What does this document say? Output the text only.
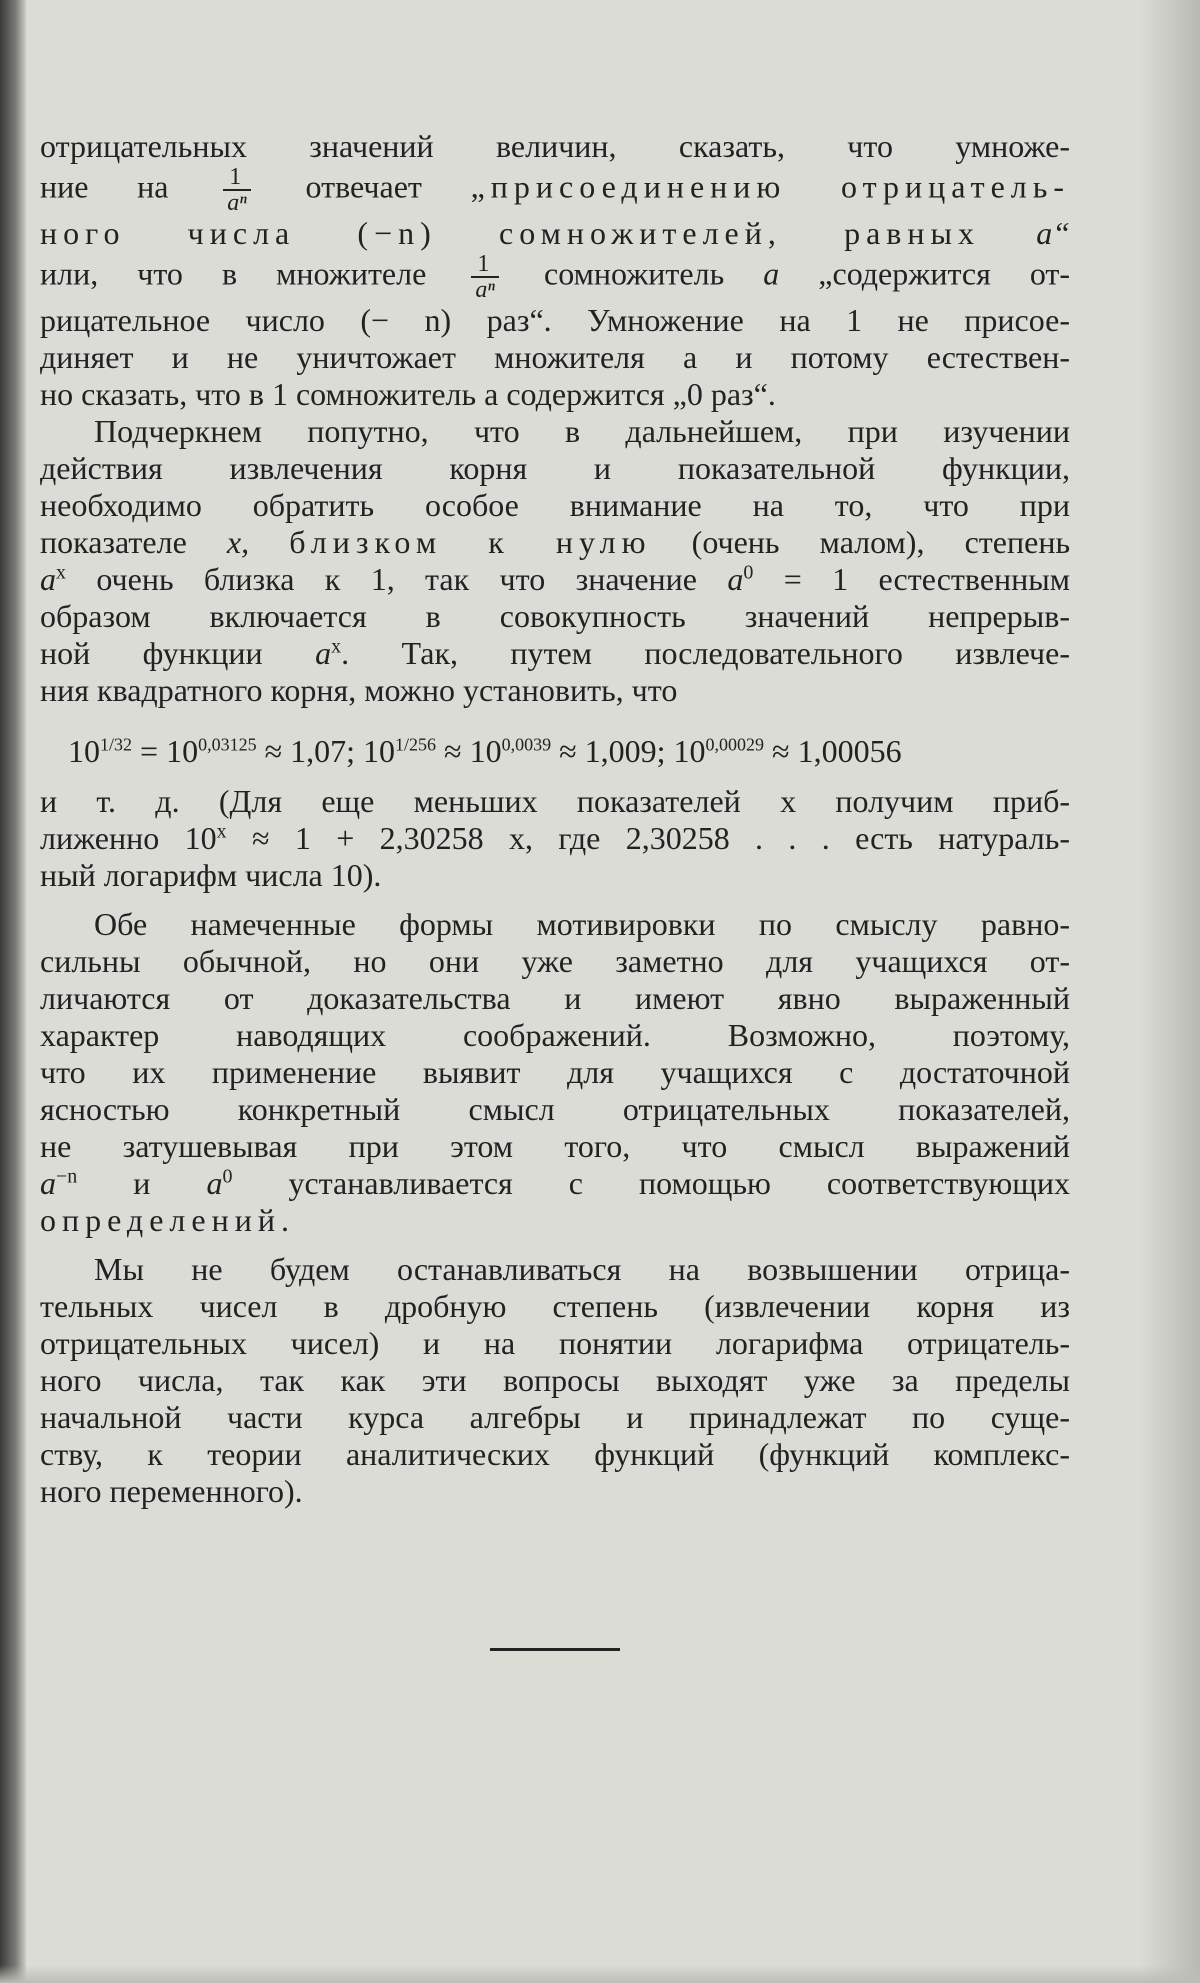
отрицательных значений величин, сказать, что умноже-
ние на $\frac{1}{\text{aⁿ}}$ отвечает „присоединению отрицатель-
ного числа (−n) сомножителей, равных a“
или, что в множителе $\frac{1}{\text{aⁿ}}$ сомножитель a „содержится от-
рицательное число (− n) раз“. Умножение на 1 не присое-
диняет и не уничтожает множителя a и потому естествен-
но сказать, что в 1 сомножитель a содержится „0 раз“.

Подчеркнем попутно, что в дальнейшем, при изучении
действия извлечения корня и показательной функции,
необходимо обратить особое внимание на то, что при
показателе x, близком к нулю (очень малом), степень
$a^x$ очень близка к 1, так что значение $a^0 = 1$ естественным
образом включается в совокупность значений непрерыв-
ной функции $a^x$. Так, путем последовательного извлече-
ния квадратного корня, можно установить, что

$10^{1/32} = 10^{0,03125} \approx 1,07$; $10^{1/256} \approx 10^{0,0039} \approx 1,009$; $10^{0,00029} \approx 1,00056$

и т. д. (Для еще меньших показателей x получим приб-
лиженно $10^x \approx 1 + 2,30258$ x, где 2,30258 . . . есть натураль-
ный логарифм числа 10).

Обе намеченные формы мотивировки по смыслу равно-
сильны обычной, но они уже заметно для учащихся от-
личаются от доказательства и имеют явно выраженный
характер наводящих соображений. Возможно, поэтому,
что их применение выявит для учащихся с достаточной
ясностью конкретный смысл отрицательных показателей,
не затушевывая при этом того, что смысл выражений
$a^{-n}$ и $a^0$ устанавливается с помощью соответствующих
определений.

Мы не будем останавливаться на возвышении отрица-
тельных чисел в дробную степень (извлечении корня из
отрицательных чисел) и на понятии логарифма отрицатель-
ного числа, так как эти вопросы выходят уже за пределы
начальной части курса алгебры и принадлежат по суще-
ству, к теории аналитических функций (функций комплекс-
ного переменного).
